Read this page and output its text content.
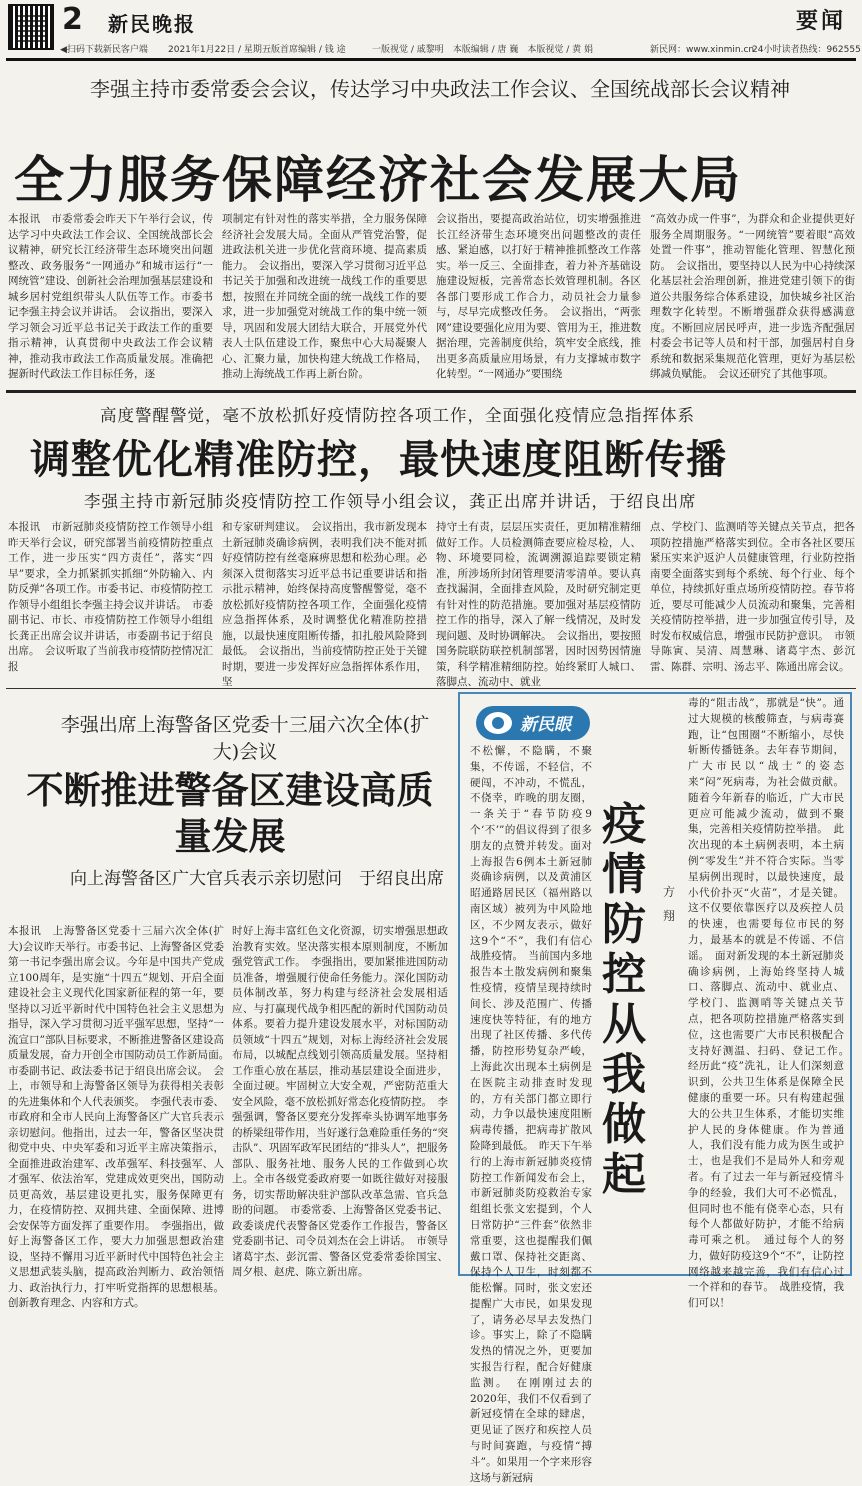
2 新民晚报	要闻
◀扫码下载新民客户端 2021年1月22日 / 星期五
一版首席编辑 / 钱 途	一版视觉 / 戚黎明　本版编辑 / 唐 巍　本版视觉 / 黄 娟	新民网：www.xinmin.cn
24小时读者热线：962555
李强主持市委常委会会议，传达学习中央政法工作会议、全国统战部长会议精神
全力服务保障经济社会发展大局
本报讯　市委常委会昨天下午举行会议，传达学习中央政法工作会议、全国统战部长会议精神，研究长江经济带生态环境突出问题整改、政务服务“一网通办”和城市运行“一网统管”建设、创新社会治理加强基层建设和城乡居村党组织带头人队伍等工作。市委书记李强主持会议并讲话。　会议指出，要深入学习领会习近平总书记关于政法工作的重要指示精神，认真贯彻中央政法工作会议精神，推动我市政法工作高质量发展。准确把握新时代政法工作目标任务，逐
项制定有针对性的落实举措，全力服务保障经济社会发展大局。全面从严管党治警，促进政法机关进一步优化营商环境、提高素质能力。　会议指出，要深入学习贯彻习近平总书记关于加强和改进统一战线工作的重要思想，按照在并同统全面的统一战线工作的要求，进一步加强党对统战工作的集中统一领导，巩固和发展大团结大联合，开展党外代表人士队伍建设工作，聚焦中心大局凝聚人心、汇聚力量，加快构建大统战工作格局，推动上海统战工作再上新台阶。
会议指出，要提高政治站位，切实增强推进长江经济带生态环境突出问题整改的责任感、紧迫感，以打好于精神推抓整改工作落实。举一反三、全面排查，着力补齐基础设施建设短板，完善常态长效管理机制。各区各部门要形成工作合力，动员社会力量参与，尽早完成整改任务。　会议指出，“两张网”建设要强化应用为要、管用为王，推进数据治理，完善制度供给，筑牢安全底线，推出更多高质量应用场景，有力支撑城市数字化转型。“一网通办”要围绕
“高效办成一件事”，为群众和企业提供更好服务全周期服务。“一网统管”要着眼“高效处置一件事”，推动智能化管理、智慧化预防。　会议指出，要坚持以人民为中心持续深化基层社会治理创新，推进党建引领下的街道公共服务综合体系建设，加快城乡社区治理数字化转型。不断增强群众获得感满意度。不断回应居民呼声，进一步选齐配强居村委会书记等人员和村干部，加强居村自身系统和数据采集规范化管理，更好为基层松绑减负赋能。　会议还研究了其他事项。
高度警醒警觉，毫不放松抓好疫情防控各项工作，全面强化疫情应急指挥体系
调整优化精准防控，最快速度阻断传播
李强主持市新冠肺炎疫情防控工作领导小组会议，龚正出席并讲话，于绍良出席
本报讯　市新冠肺炎疫情防控工作领导小组昨天举行会议，研究部署当前疫情防控重点工作，进一步压实“四方责任”，落实“四早”要求，全力抓紧抓实抓细“外防输入、内防反弹”各项工作。市委书记、市疫情防控工作领导小组组长李强主持会议并讲话。　市委副书记、市长、市疫情防控工作领导小组组长龚正出席会议并讲话，市委副书记于绍良出席。　会议听取了当前我市疫情防控情况汇报
和专家研判建议。　会议指出，我市新发现本土新冠肺炎确诊病例，表明我们决不能对抓好疫情防控有丝毫麻痹思想和松劲心理。必须深入贯彻落实习近平总书记重要讲话和指示批示精神，始终保持高度警醒警觉，毫不放松抓好疫情防控各项工作，全面强化疫情应急指挥体系，及时调整优化精准防控措施，以最快速度阻断传播，扣扎般风险降到最低。　会议指出，当前疫情防控正处于关键时期，要进一步发挥好应急指挥体系作用，坚
持守土有责，层层压实责任，更加精准精细做好工作。人员检测筛查要应检尽检，人、物、环境要同检，流调溯源追踪要锁定精准，所涉场所封闭管理要清零清单。要认真查找漏洞，全面排查风险，及时研究制定更有针对性的防范措施。要加强对基层疫情防控工作的指导，深入了解一线情况，及时发现问题、及时协调解决。　会议指出，要按照国务院联防联控机制部署，因时因势因情施策，科学精准精细防控。始终紧盯人城口、落脚点、流动中、就业
点、学校门、监测哨等关键点关节点，把各项防控措施严格落实到位。全市各社区要压紧压实来沪返沪人员健康管理，行业防控指南要全面落实到每个系统、每个行业、每个单位，持续抓好重点场所疫情防控。春节将近，要尽可能减少人员流动和聚集，完善相关疫情防控举措，进一步加强宣传引导，及时发布权威信息，增强市民防护意识。　市领导陈寅、吴清、周慧琳、诸葛宇杰、彭沉雷、陈群、宗明、汤志平、陈通出席会议。
李强出席上海警备区党委十三届六次全体(扩大)会议
不断推进警备区建设高质量发展
向上海警备区广大官兵表示亲切慰问　于绍良出席
本报讯　上海警备区党委十三届六次全体(扩大)会议昨天举行。市委书记、上海警备区党委第一书记李强出席会议。今年是中国共产党成立100周年，是实施“十四五”规划、开启全面建设社会主义现代化国家新征程的第一年，要坚持以习近平新时代中国特色社会主义思想为指导，深入学习贯彻习近平强军思想，坚持“一流宣口”部队目标要求，不断推进警备区建设高质量发展，奋力开创全市国防动员工作新局面。　市委副书记、政法委书记于绍良出席会议。　会上，市领导和上海警备区领导为获得相关表彰的先进集体和个人代表颁奖。　李强代表市委、市政府和全市人民向上海警备区广大官兵表示亲切慰问。他指出，过去一年，警备区坚决贯彻党中央、中央军委和习近平主席决策指示，全面推进政治建军、改革强军、科技强军、人才强军、依法治军，党建成效更突出，国防动员更高效，基层建设更扎实，服务保障更有力，在疫情防控、双拥共建、全面保障、进博会安保等方面发挥了重要作用。　李强指出，做好上海警备区工作，要大力加强思想政治建设，坚持不懈用习近平新时代中国特色社会主义思想武装头脑，提高政治判断力、政治领悟力、政治执行力，打牢听党指挥的思想根基。创新教育理念、内容和方式。
时好上海丰富红色文化资源，切实增强思想政治教育实效。坚决落实根本原则制度，不断加强党管武工作。　李强指出，要加紧推进国防动员准备，增强履行使命任务能力。深化国防动员体制改革，努力构建与经济社会发展相适应、与打赢现代战争相匹配的新时代国防动员体系。要着力提升建设发展水平，对标国防动员领域“十四五”规划，对标上海经济社会发展布局，以城配点线划引领高质量发展。坚持相工作重心放在基层，推动基层建设全面进步，全面过硬。牢固树立大安全观，严密防范重大安全风险，毫不放松抓好常态化疫情防控。　李强强调，警备区要充分发挥牵头协调军地事务的桥梁纽带作用，当好遂行急难险重任务的“突击队”、巩固军政军民团结的“排头人”，把服务部队、服务社地、服务人民的工作做到心坎上。全市各级党委政府要一如既往做好对接服务，切实帮助解决驻沪部队改革急需、官兵急盼的问题。　市委常委、上海警备区党委书记、政委谈虎代表警备区党委作工作报告，警备区党委副书记、司令员刘杰在会上讲话。　市领导诸葛宇杰、彭沉雷、警备区党委常委徐国宝、周夕根、赵虎、陈立新出席。
新民眼
疫情防控从我做起
方翔
不松懈，不隐瞒，不聚集，不传谣，不轻信，不硬闯，不冲动，不慌乱，不侥幸，昨晚的朋友圈，一条关于“春节防疫9个‘不’”的倡议得到了很多朋友的点赞并转发。面对上海报告6例本土新冠肺炎确诊病例，以及黄浦区昭通路居民区（福州路以南区域）被列为中风险地区，不少网友表示，做好这9个“不”，我们有信心战胜疫情。　当前国内多地报告本土散发病例和聚集性疫情，疫情呈现持续时间长、涉及范围广、传播速度快等特征，有的地方出现了社区传播、多代传播，防控形势复杂严峻，上海此次出现本土病例是在医院主动排查时发现的，方有关部门都立即行动，力争以最快速度阻断病毒传播，把病毒扩散风险降到最低。　昨天下午举行的上海市新冠肺炎疫情防控工作新闻发布会上，市新冠肺炎防疫救治专家组组长张文宏提到，个人日常防护“三件套”依然非常重要，这也提醒我们佩戴口罩、保持社交距离、保持个人卫生，时刻都不能松懈。同时，张文宏还提醒广大市民，如果发现了，请务必尽早去发热门诊。事实上，除了不隐瞒发热的情况之外，更要加实报告行程，配合好健康监测。　在刚刚过去的2020年，我们不仅看到了新冠疫情在全球的肆虐，更见证了医疗和疾控人员与时间赛跑，与疫情“搏斗”。如果用一个字来形容这场与新冠病
毒的“阻击战”，那就是“快”。通过大规模的核酸筛查，与病毒赛跑，让“包围圈”不断缩小，尽快斩断传播链条。去年春节期间，广大市民以“战士”的姿态来“闷”死病毒，为社会做贡献。随着今年新春的临近，广大市民更应可能减少流动，做到不聚集，完善相关疫情防控举措。　此次出现的本土病例表明，本土病例“零发生”并不符合实际。当零星病例出现时，以最快速度，最小代价扑灭“火苗”，才是关键。这不仅要依靠医疗以及疾控人员的快速，也需要每位市民的努力，最基本的就是不传谣、不信谣。　面对新发现的本土新冠肺炎确诊病例，上海始终坚持人城口、落脚点、流动中、就业点、学校门、监测哨等关键点关节点，把各项防控措施严格落实到位，这也需要广大市民积极配合支持好测温、扫码、登记工作。　经历此“疫”洗礼，让人们深刻意识到，公共卫生体系是保障全民健康的重要一环。只有构建起强大的公共卫生体系，才能切实维护人民的身体健康。作为普通人，我们没有能力成为医生或护士，也是我们不是局外人和旁观者。有了过去一年与新冠疫情斗争的经验，我们大可不必慌乱，但同时也不能有侥幸心态，只有每个人都做好防护，才能不给病毒可乘之机。　通过每个人的努力，做好防疫这9个“不”，让防控网络越来越完善，我们有信心过一个祥和的春节。　战胜疫情，我们可以！
